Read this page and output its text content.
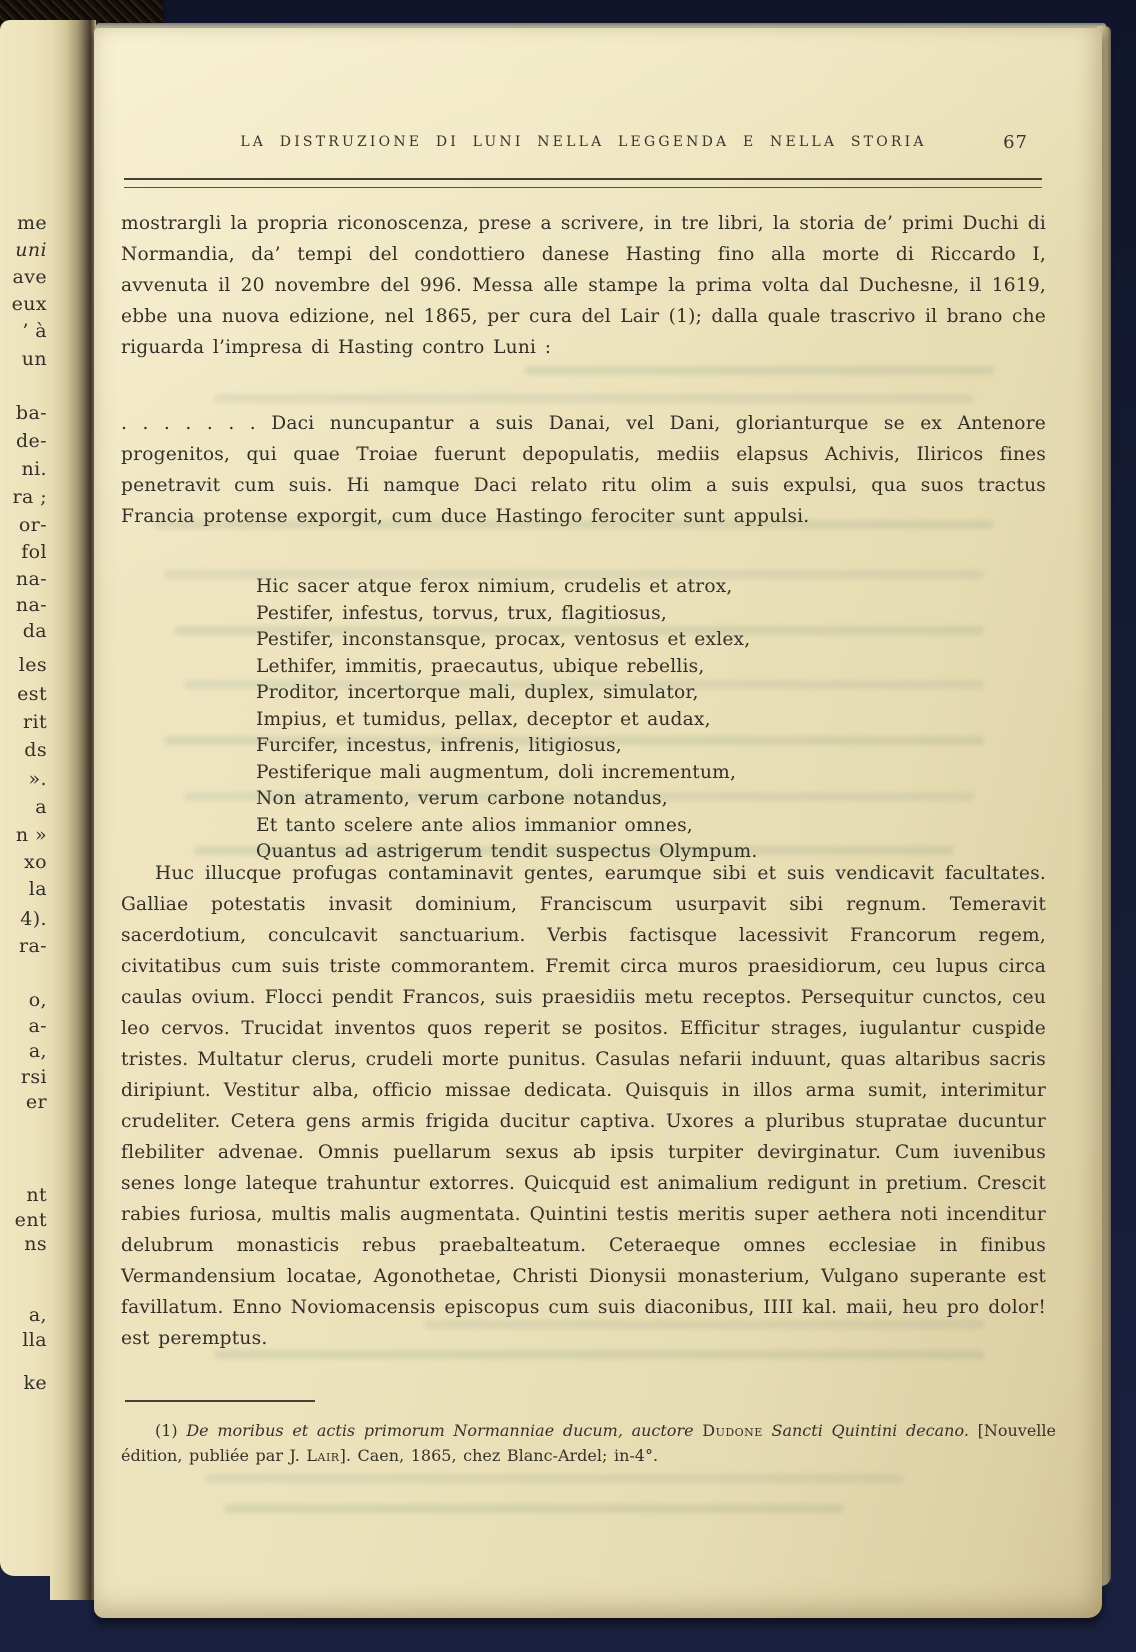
me
uni
ave
eux
’ à
un
ba-
de-
ni.
ra ;
or-
fol
na-
na-
da
les
est
rit
ds
».
a
n »
xo
la
4).
ra-
o,
a-
a,
rsi
er
nt
ent
ns
a,
lla
ke
LA DISTRUZIONE DI LUNI NELLA LEGGENDA E NELLA STORIA	67

mostrargli la propria riconoscenza, prese a scrivere, in tre libri, la storia de’ primi Duchi di Normandia, da’ tempi del condottiero danese Hasting fino alla morte di Riccardo I, avvenuta il 20 novembre del 996. Messa alle stampe la prima volta dal Duchesne, il 1619, ebbe una nuova edizione, nel 1865, per cura del Lair (1); dalla quale trascrivo il brano che riguarda l’impresa di Hasting contro Luni :

. . . . . . . Daci nuncupantur a suis Danai, vel Dani, glorianturque se ex Antenore progenitos, qui quae Troiae fuerunt depopulatis, mediis elapsus Achivis, Iliricos fines penetravit cum suis. Hi namque Daci relato ritu olim a suis expulsi, qua suos tractus Francia protense exporgit, cum duce Hastingo ferociter sunt appulsi.

Hic sacer atque ferox nimium, crudelis et atrox,
Pestifer, infestus, torvus, trux, flagitiosus,
Pestifer, inconstansque, procax, ventosus et exlex,
Lethifer, immitis, praecautus, ubique rebellis,
Proditor, incertorque mali, duplex, simulator,
Impius, et tumidus, pellax, deceptor et audax,
Furcifer, incestus, infrenis, litigiosus,
Pestiferique mali augmentum, doli incrementum,
Non atramento, verum carbone notandus,
Et tanto scelere ante alios immanior omnes,
Quantus ad astrigerum tendit suspectus Olympum.

Huc illucque profugas contaminavit gentes, earumque sibi et suis vendicavit facultates. Galliae potestatis invasit dominium, Franciscum usurpavit sibi regnum. Temeravit sacerdotium, conculcavit sanctuarium. Verbis factisque lacessivit Francorum regem, civitatibus cum suis triste commorantem. Fremit circa muros praesidiorum, ceu lupus circa caulas ovium. Flocci pendit Francos, suis praesidiis metu receptos. Persequitur cunctos, ceu leo cervos. Trucidat inventos quos reperit se positos. Efficitur strages, iugulantur cuspide tristes. Multatur clerus, crudeli morte punitus. Casulas nefarii induunt, quas altaribus sacris diripiunt. Vestitur alba, officio missae dedicata. Quisquis in illos arma sumit, interimitur crudeliter. Cetera gens armis frigida ducitur captiva. Uxores a pluribus stupratae ducuntur flebiliter advenae. Omnis puellarum sexus ab ipsis turpiter devirginatur. Cum iuvenibus senes longe lateque trahuntur extorres. Quicquid est animalium redigunt in pretium. Crescit rabies furiosa, multis malis augmentata. Quintini testis meritis super aethera noti incenditur delubrum monasticis rebus praebalteatum. Ceteraeque omnes ecclesiae in finibus Vermandensium locatae, Agonothetae, Christi Dionysii monasterium, Vulgano superante est favillatum. Enno Noviomacensis episcopus cum suis diaconibus, IIII kal. maii, heu pro dolor! est peremptus.

(1) De moribus et actis primorum Normanniae ducum, auctore Dudone Sancti Quintini decano. [Nouvelle édition, publiée par J. Lair]. Caen, 1865, chez Blanc-Ardel; in-4°.
